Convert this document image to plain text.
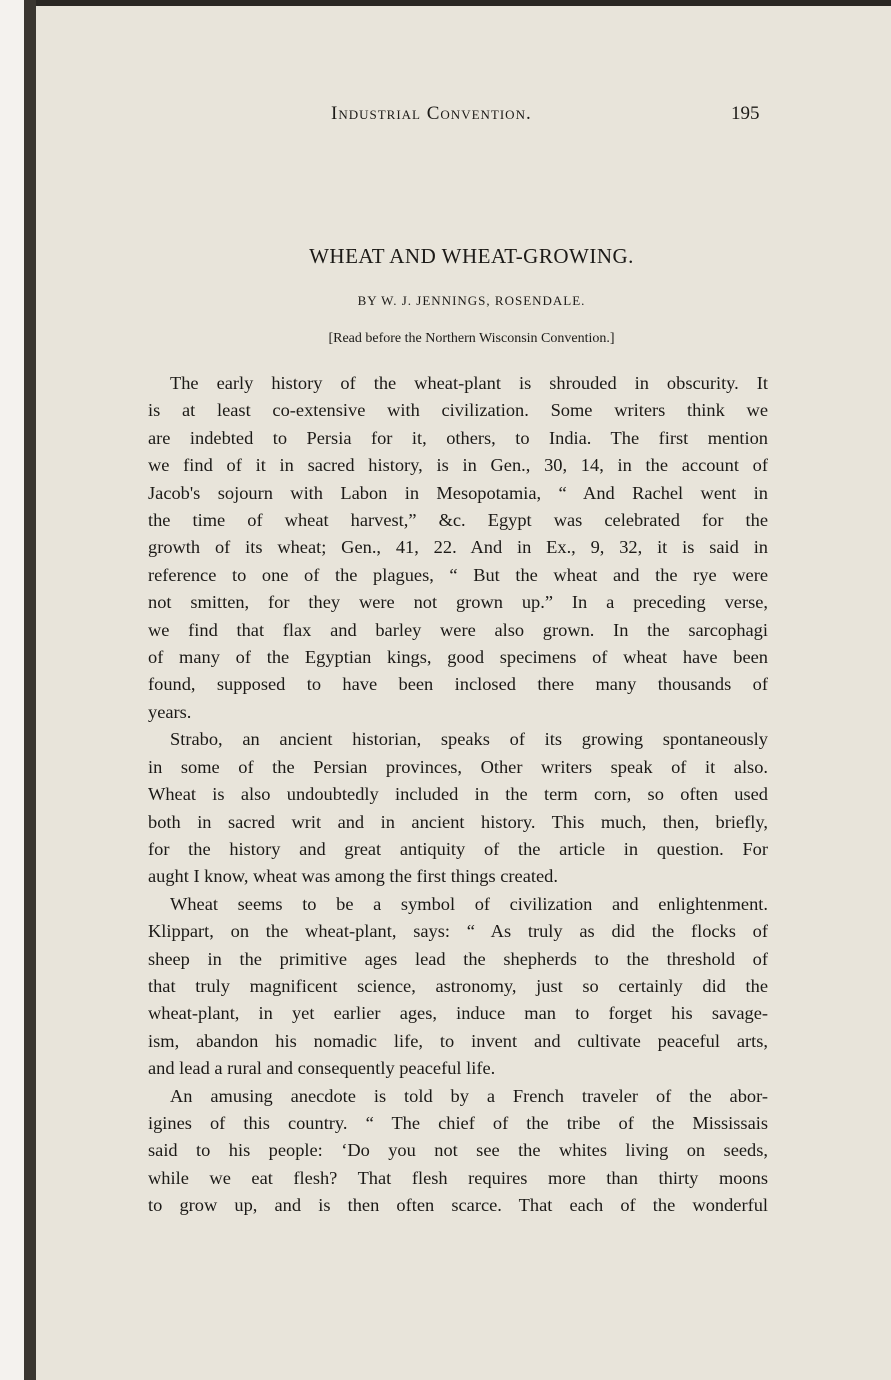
Industrial Convention.	195
WHEAT AND WHEAT-GROWING.
BY W. J. JENNINGS, ROSENDALE.
[Read before the Northern Wisconsin Convention.]
The early history of the wheat-plant is shrouded in obscurity. It
is at least co-extensive with civilization. Some writers think we
are indebted to Persia for it, others, to India. The first mention
we find of it in sacred history, is in Gen., 30, 14, in the account of
Jacob's sojourn with Labon in Mesopotamia, “ And Rachel went in
the time of wheat harvest,” &c. Egypt was celebrated for the
growth of its wheat; Gen., 41, 22. And in Ex., 9, 32, it is said in
reference to one of the plagues, “ But the wheat and the rye were
not smitten, for they were not grown up.” In a preceding verse,
we find that flax and barley were also grown. In the sarcophagi
of many of the Egyptian kings, good specimens of wheat have been
found, supposed to have been inclosed there many thousands of
years.
Strabo, an ancient historian, speaks of its growing spontaneously
in some of the Persian provinces, Other writers speak of it also.
Wheat is also undoubtedly included in the term corn, so often used
both in sacred writ and in ancient history. This much, then, briefly,
for the history and great antiquity of the article in question. For
aught I know, wheat was among the first things created.
Wheat seems to be a symbol of civilization and enlightenment.
Klippart, on the wheat-plant, says: “ As truly as did the flocks of
sheep in the primitive ages lead the shepherds to the threshold of
that truly magnificent science, astronomy, just so certainly did the
wheat-plant, in yet earlier ages, induce man to forget his savage-
ism, abandon his nomadic life, to invent and cultivate peaceful arts,
and lead a rural and consequently peaceful life.
An amusing anecdote is told by a French traveler of the abor-
igines of this country. “ The chief of the tribe of the Mississais
said to his people: ‘Do you not see the whites living on seeds,
while we eat flesh? That flesh requires more than thirty moons
to grow up, and is then often scarce. That each of the wonderful
